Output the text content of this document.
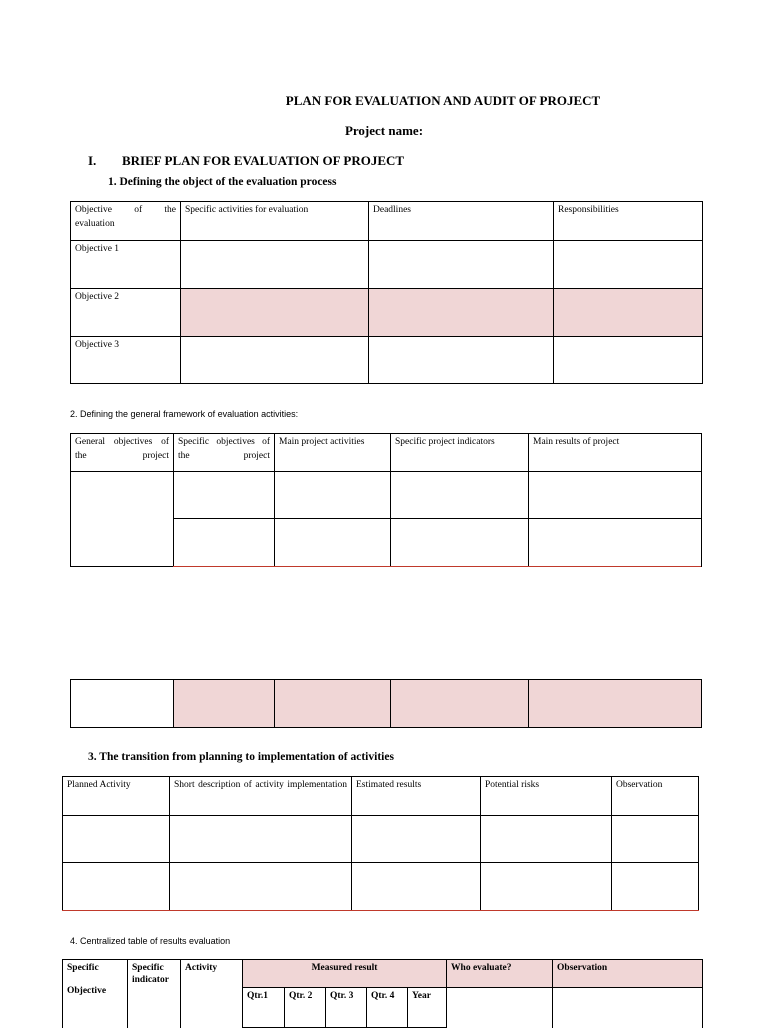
PLAN FOR EVALUATION AND AUDIT OF PROJECT
Project name:
I. BRIEF PLAN FOR EVALUATION OF PROJECT
1. Defining the object of the evaluation process
Objective of the evaluation	Specific activities for evaluation	Deadlines	Responsibilities
Objective 1			
Objective 2			
Objective 3			
2. Defining the general framework of evaluation activities:
General objectives of the project	Specific objectives of the project	Main project activities	Specific project indicators	Main results of project

3. The transition from planning to implementation of activities
Planned Activity	Short description of activity implementation	Estimated results	Potential risks	Observation

4. Centralized table of results evaluation
Specific
Objective	Specific indicator	Activity	Measured result					Who evaluate?	Observation
			Qtr.1	Qtr. 2	Qtr. 3	Qtr. 4	Year		
